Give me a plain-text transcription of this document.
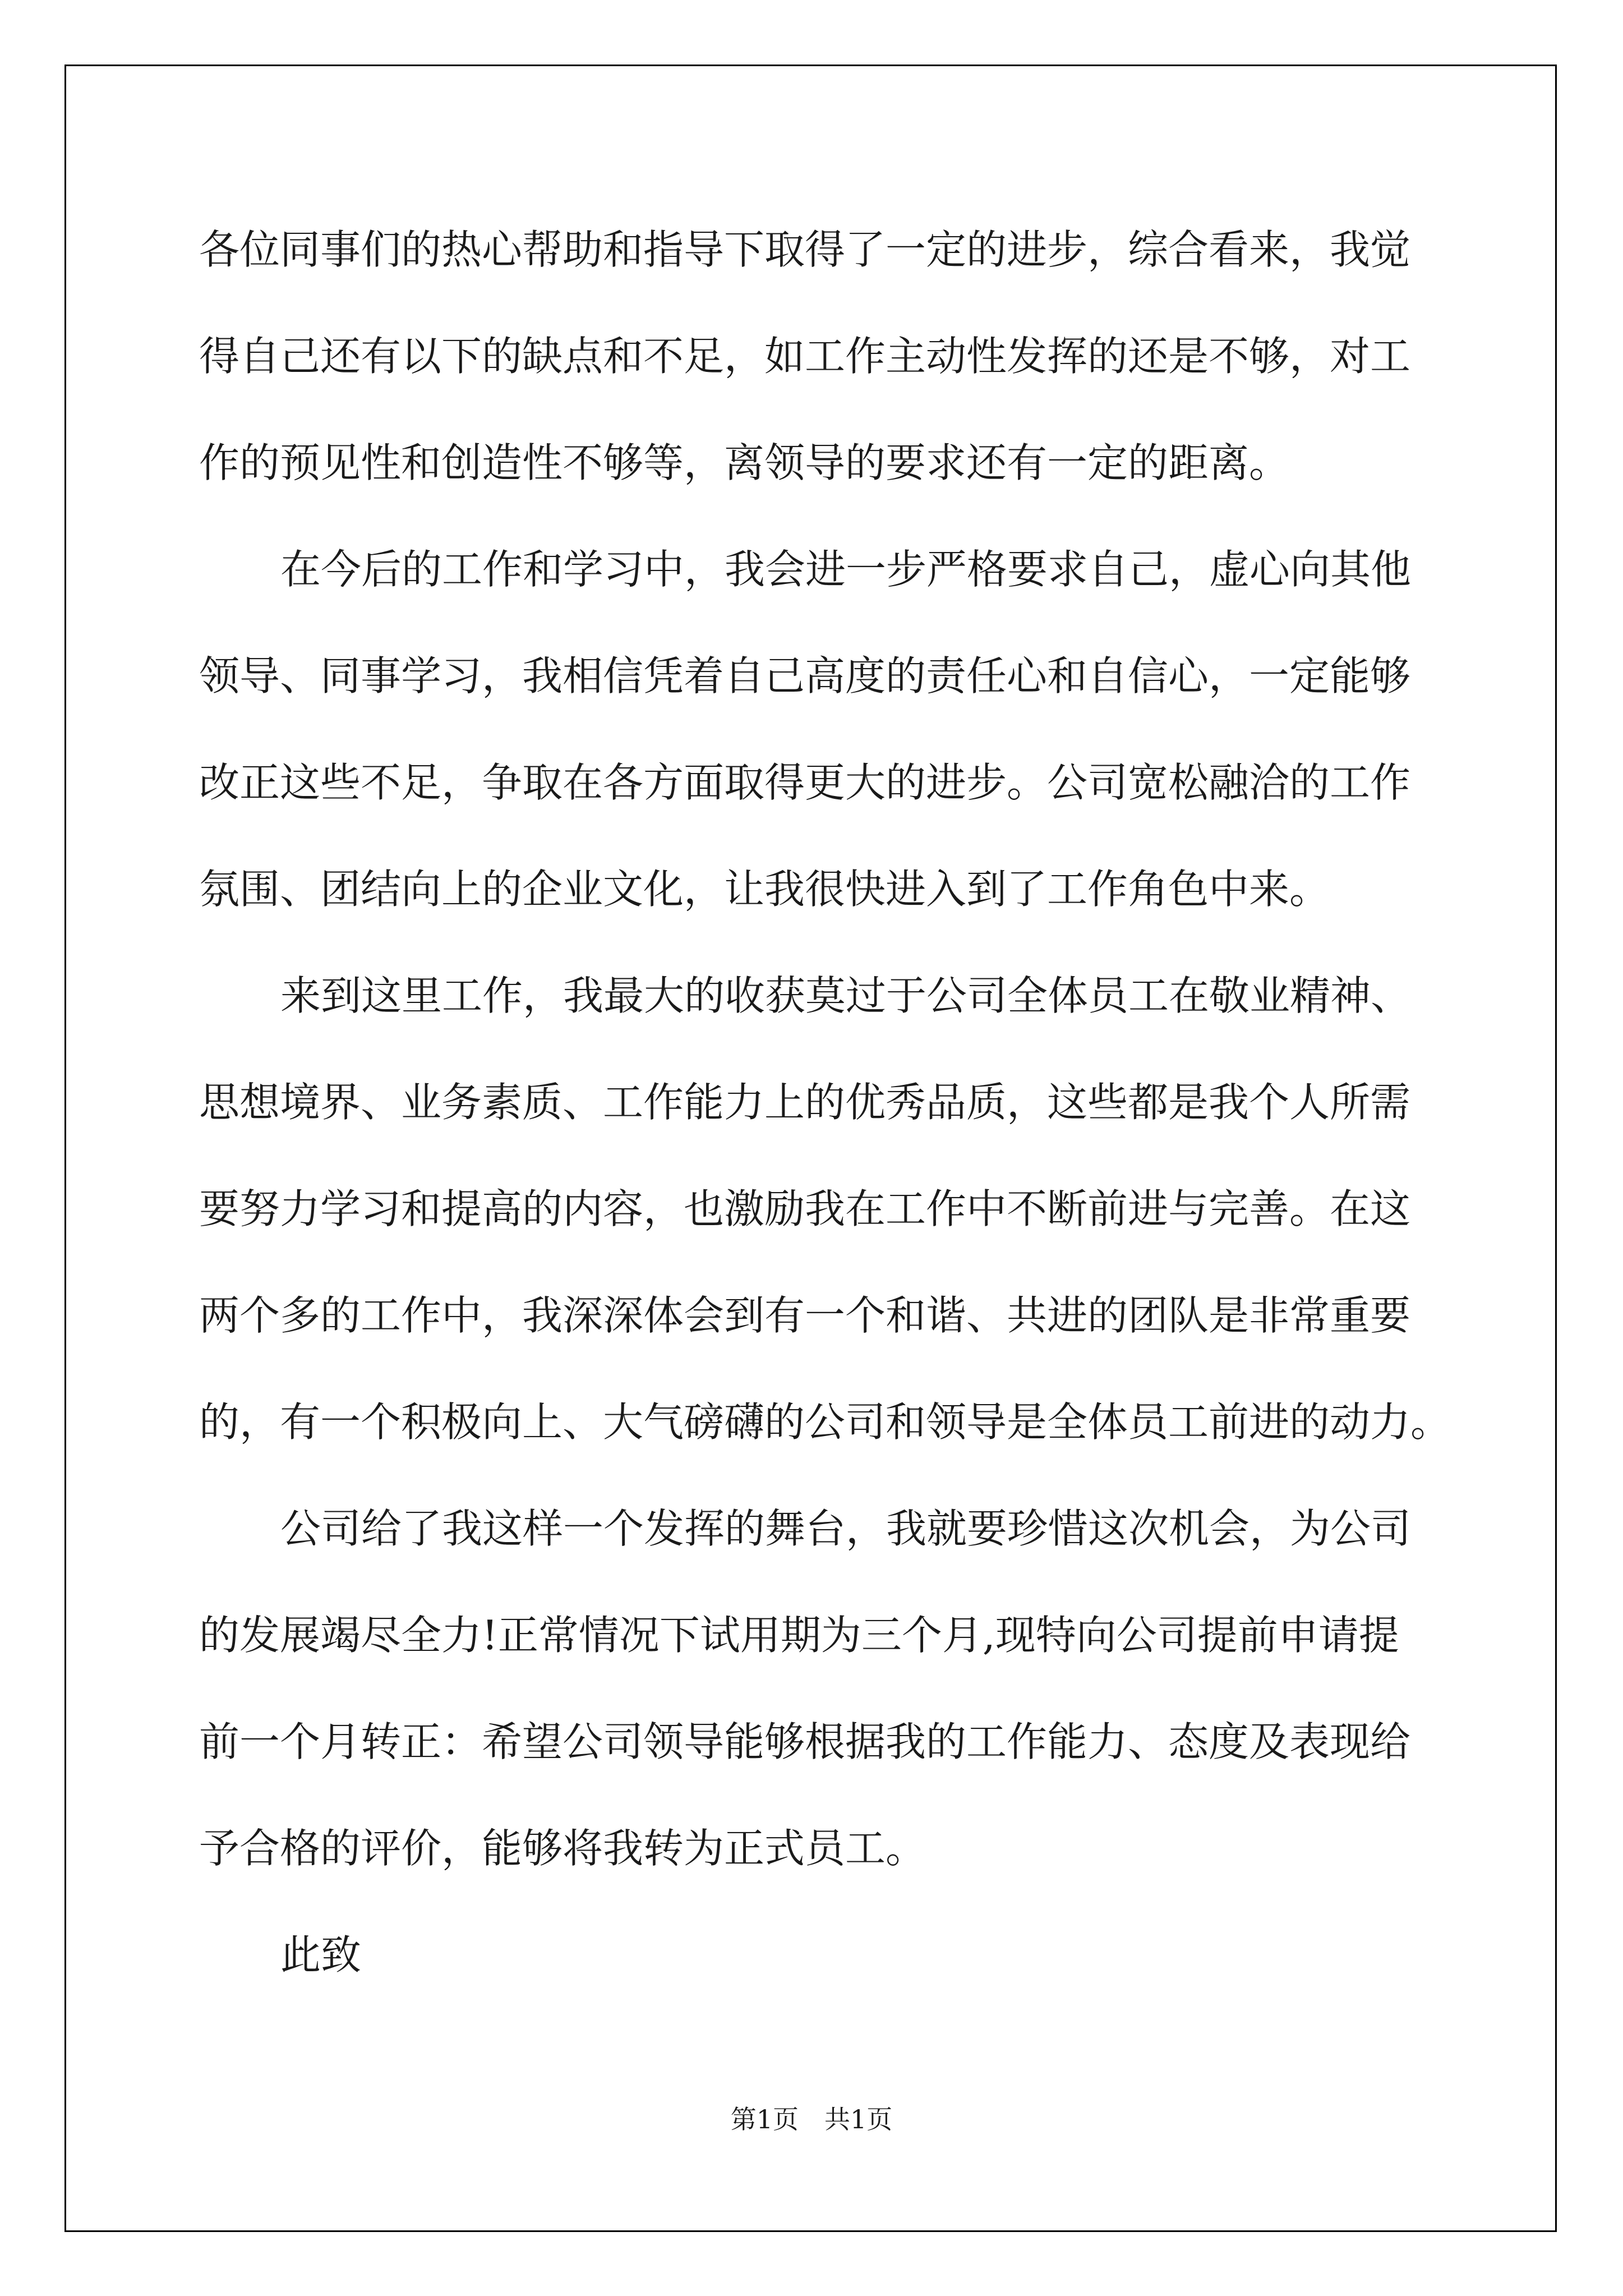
各位同事们的热心帮助和指导下取得了一定的进步，综合看来，我觉

得自己还有以下的缺点和不足，如工作主动性发挥的还是不够，对工

作的预见性和创造性不够等，离领导的要求还有一定的距离。

在今后的工作和学习中，我会进一步严格要求自己，虚心向其他

领导、同事学习，我相信凭着自己高度的责任心和自信心，一定能够

改正这些不足，争取在各方面取得更大的进步。公司宽松融洽的工作

氛围、团结向上的企业文化，让我很快进入到了工作角色中来。

来到这里工作，我最大的收获莫过于公司全体员工在敬业精神、

思想境界、业务素质、工作能力上的优秀品质，这些都是我个人所需

要努力学习和提高的内容，也激励我在工作中不断前进与完善。在这

两个多的工作中，我深深体会到有一个和谐、共进的团队是非常重要

的，有一个积极向上、大气磅礴的公司和领导是全体员工前进的动力。

公司给了我这样一个发挥的舞台，我就要珍惜这次机会，为公司

的发展竭尽全力!正常情况下试用期为三个月,现特向公司提前申请提

前一个月转正：希望公司领导能够根据我的工作能力、态度及表现给

予合格的评价，能够将我转为正式员工。

此致

第1页　共1页
